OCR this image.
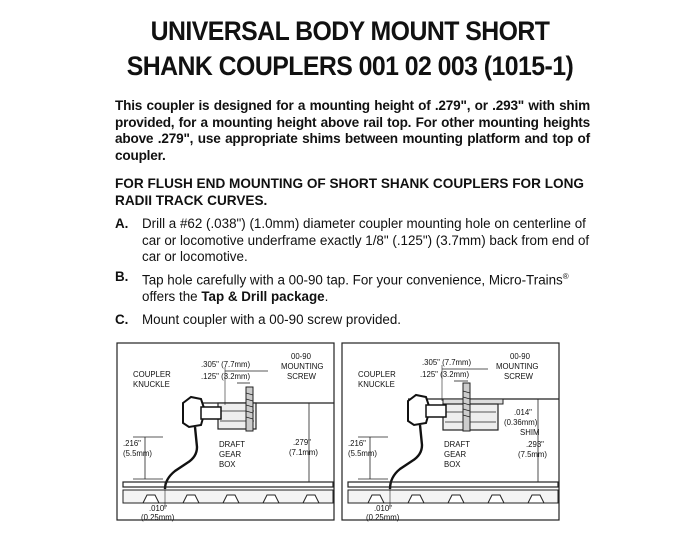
UNIVERSAL BODY MOUNT SHORT
SHANK COUPLERS 001 02 003 (1015-1)
This coupler is designed for a mounting height of .279", or .293" with shim provided, for a mounting height above rail top. For other mounting heights above .279", use appropriate shims between mounting platform and top of coupler.
FOR FLUSH END MOUNTING OF SHORT SHANK COUPLERS FOR LONG RADII TRACK CURVES.
A. Drill a #62 (.038") (1.0mm) diameter coupler mounting hole on centerline of car or locomotive underframe exactly 1/8" (.125") (3.7mm) back from end of car or locomotive.
B. Tap hole carefully with a 00-90 tap. For your convenience, Micro-Trains®
offers the Tap & Drill package.
C. Mount coupler with a 00-90 screw provided.
.305" (7.7mm)
.125" (3.2mm)
00-90
MOUNTING
SCREW
COUPLER
KNUCKLE
DRAFT
GEAR
BOX
.216"
(5.5mm)
.279"
(7.1mm)
.010"
(0.25mm)
.305" (7.7mm)
.125" (3.2mm)
00-90
MOUNTING
SCREW
COUPLER
KNUCKLE
.014"
(0.36mm)
SHIM
DRAFT
GEAR
BOX
.216"
(5.5mm)
.293"
(7.5mm)
.010"
(0.25mm)
